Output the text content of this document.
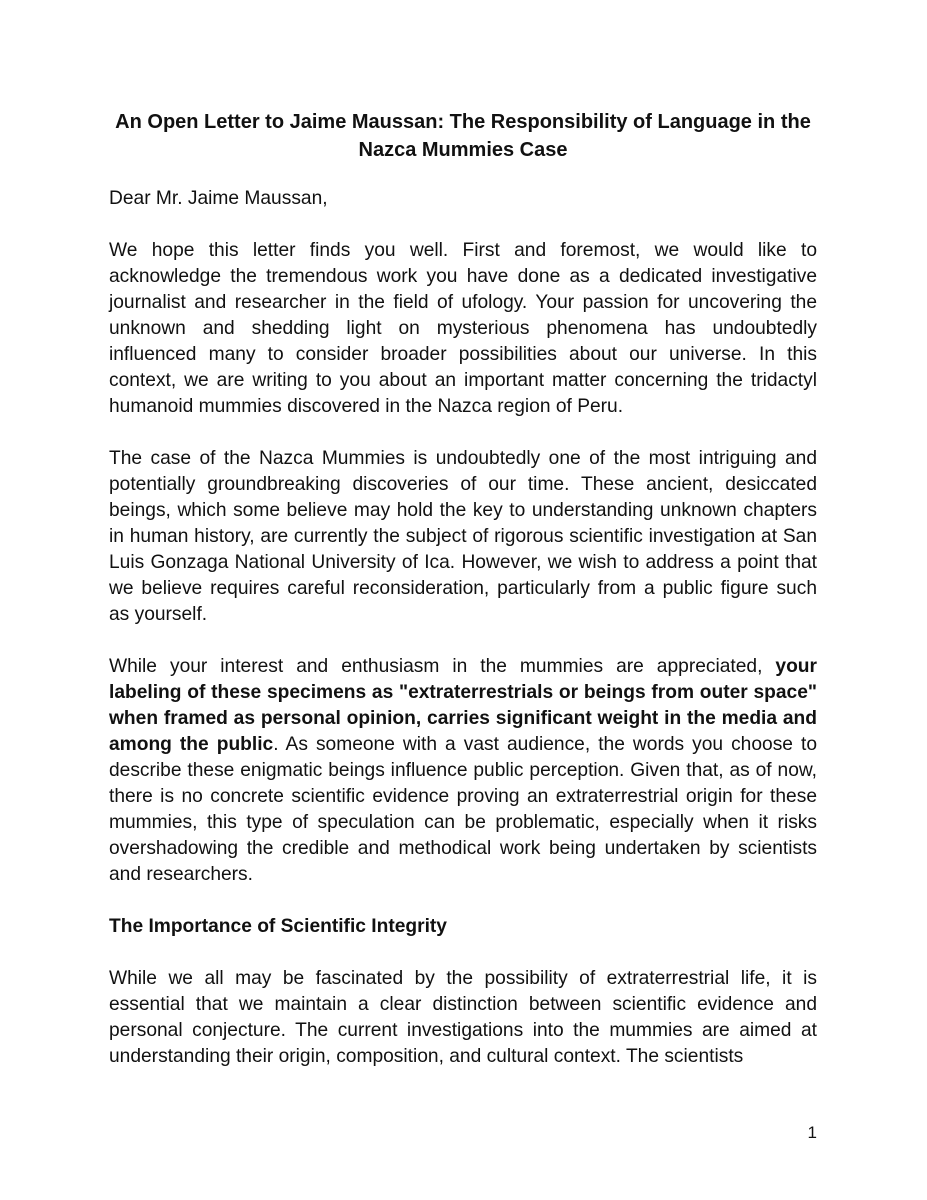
An Open Letter to Jaime Maussan: The Responsibility of Language in the Nazca Mummies Case
Dear Mr. Jaime Maussan,

We hope this letter finds you well. First and foremost, we would like to acknowledge the tremendous work you have done as a dedicated investigative journalist and researcher in the field of ufology. Your passion for uncovering the unknown and shedding light on mysterious phenomena has undoubtedly influenced many to consider broader possibilities about our universe. In this context, we are writing to you about an important matter concerning the tridactyl humanoid mummies discovered in the Nazca region of Peru.

The case of the Nazca Mummies is undoubtedly one of the most intriguing and potentially groundbreaking discoveries of our time. These ancient, desiccated beings, which some believe may hold the key to understanding unknown chapters in human history, are currently the subject of rigorous scientific investigation at San Luis Gonzaga National University of Ica. However, we wish to address a point that we believe requires careful reconsideration, particularly from a public figure such as yourself.

While your interest and enthusiasm in the mummies are appreciated, your labeling of these specimens as "extraterrestrials or beings from outer space" when framed as personal opinion, carries significant weight in the media and among the public. As someone with a vast audience, the words you choose to describe these enigmatic beings influence public perception. Given that, as of now, there is no concrete scientific evidence proving an extraterrestrial origin for these mummies, this type of speculation can be problematic, especially when it risks overshadowing the credible and methodical work being undertaken by scientists and researchers.

The Importance of Scientific Integrity

While we all may be fascinated by the possibility of extraterrestrial life, it is essential that we maintain a clear distinction between scientific evidence and personal conjecture. The current investigations into the mummies are aimed at understanding their origin, composition, and cultural context. The scientists

1
